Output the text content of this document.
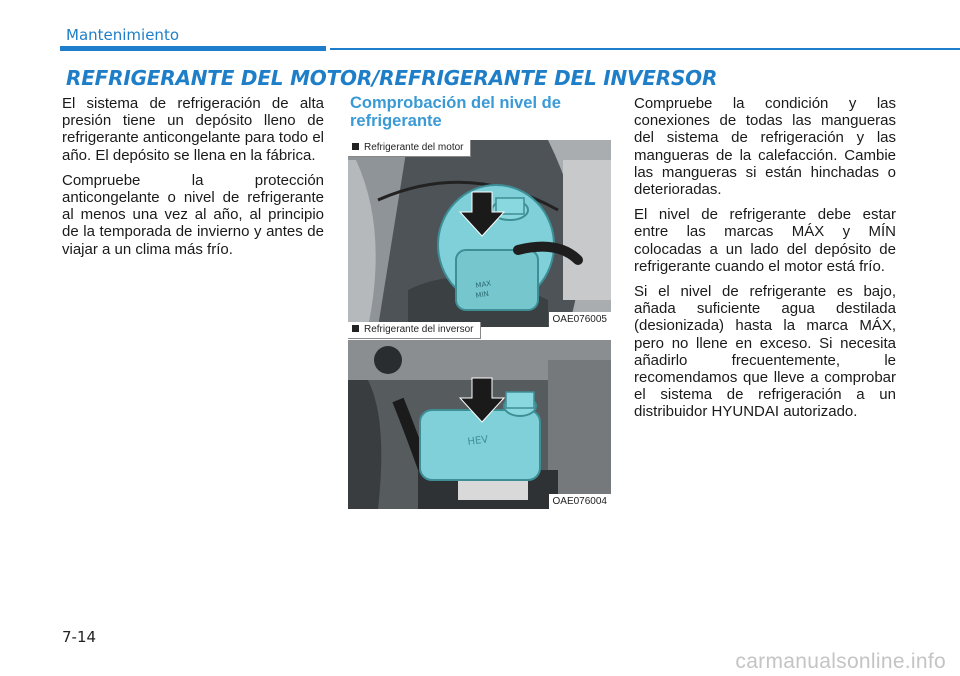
Mantenimiento
REFRIGERANTE DEL MOTOR/REFRIGERANTE DEL INVERSOR

El sistema de refrigeración de alta presión tiene un depósito lleno de refrigerante anticongelante para todo el año. El depósito se llena en la fábrica.

Compruebe la protección anticongelante o nivel de refrigerante al menos una vez al año, al principio de la temporada de invierno y antes de viajar a un clima más frío.

Comprobación del nivel de refrigerante
MAX
MIN
Refrigerante del motor
OAE076005
HEV
OAE076004
Refrigerante del inversor

Compruebe la condición y las conexiones de todas las mangueras del sistema de refrigeración y las mangueras de la calefacción. Cambie las mangueras si están hinchadas o deterioradas.

El nivel de refrigerante debe estar entre las marcas MÁX y MÍN colocadas a un lado del depósito de refrigerante cuando el motor está frío.

Si el nivel de refrigerante es bajo, añada suficiente agua destilada (desionizada) hasta la marca MÁX, pero no llene en exceso. Si necesita añadirlo frecuentemente, le recomendamos que lleve a comprobar el sistema de refrigeración a un distribuidor HYUNDAI autorizado.

7-14
carmanualsonline.info
